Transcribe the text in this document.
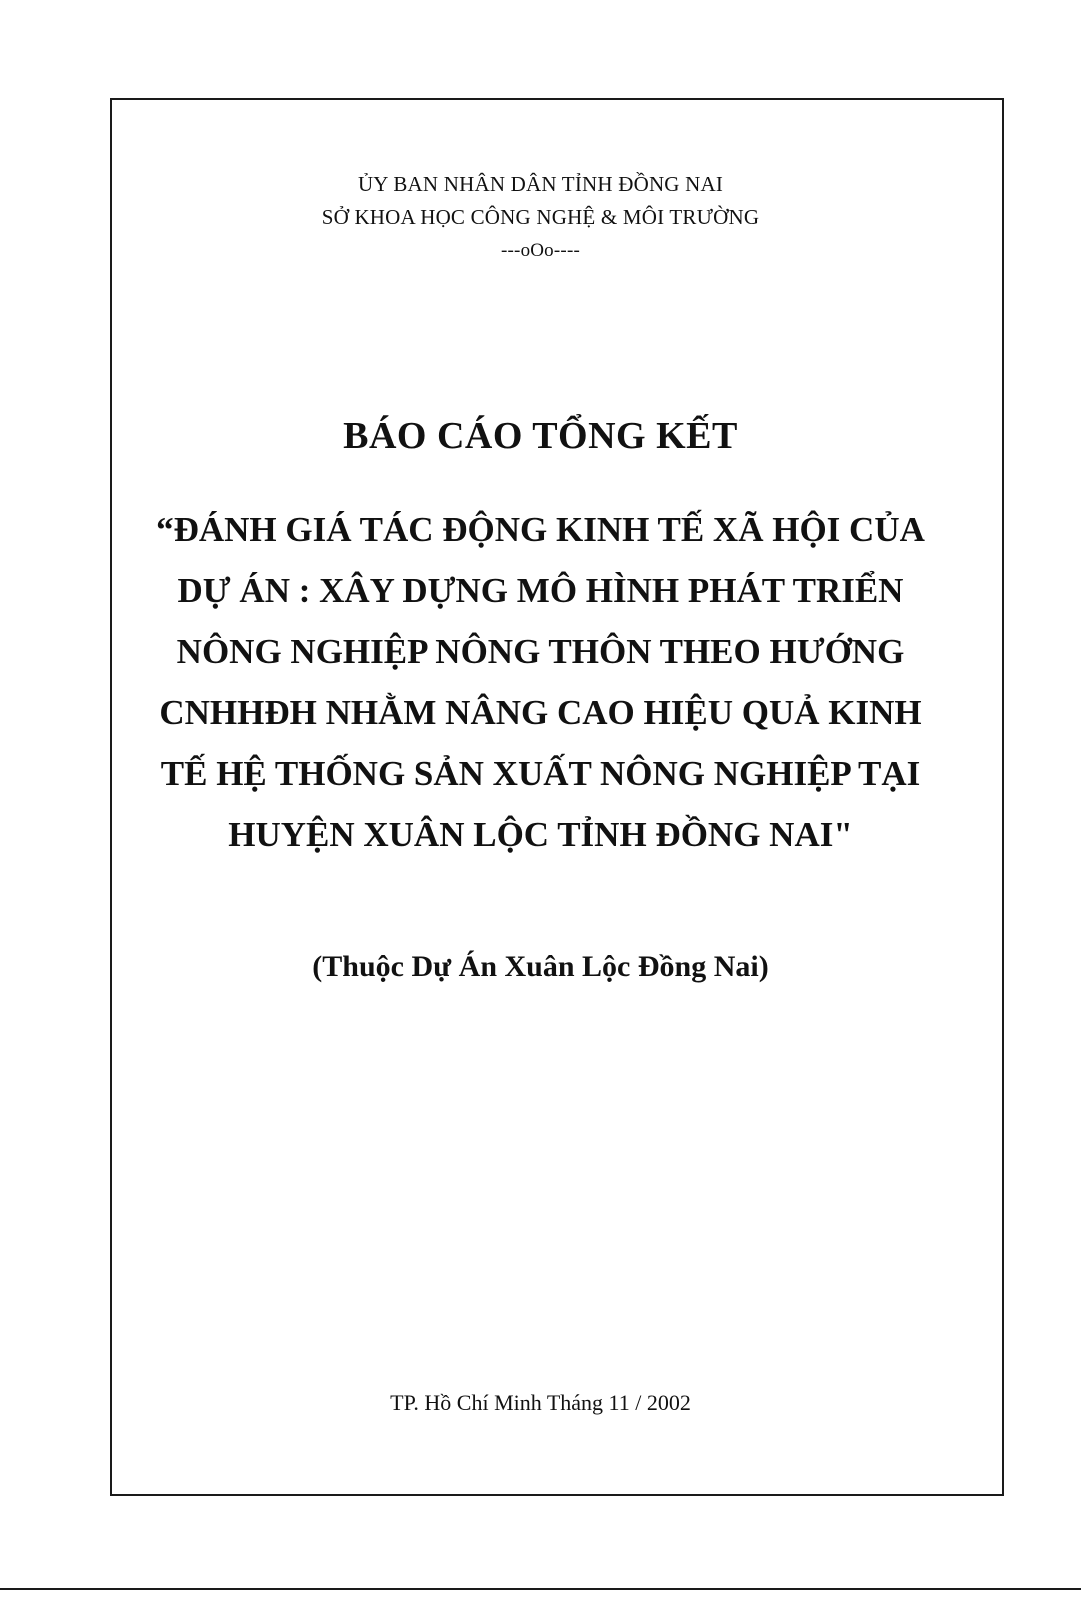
ỦY BAN NHÂN DÂN TỈNH ĐỒNG NAI
SỞ KHOA HỌC CÔNG NGHỆ & MÔI TRƯỜNG
---oOo----
BÁO CÁO TỔNG KẾT
“ĐÁNH GIÁ TÁC ĐỘNG KINH TẾ XÃ HỘI CỦA
DỰ ÁN : XÂY DỰNG MÔ HÌNH PHÁT TRIỂN
NÔNG NGHIỆP NÔNG THÔN THEO HƯỚNG
CNHHĐH NHẰM NÂNG CAO HIỆU QUẢ KINH
TẾ HỆ THỐNG SẢN XUẤT NÔNG NGHIỆP TẠI
HUYỆN XUÂN LỘC TỈNH ĐỒNG NAI"
(Thuộc Dự Án Xuân Lộc Đồng Nai)
TP. Hồ Chí Minh Tháng 11 / 2002
